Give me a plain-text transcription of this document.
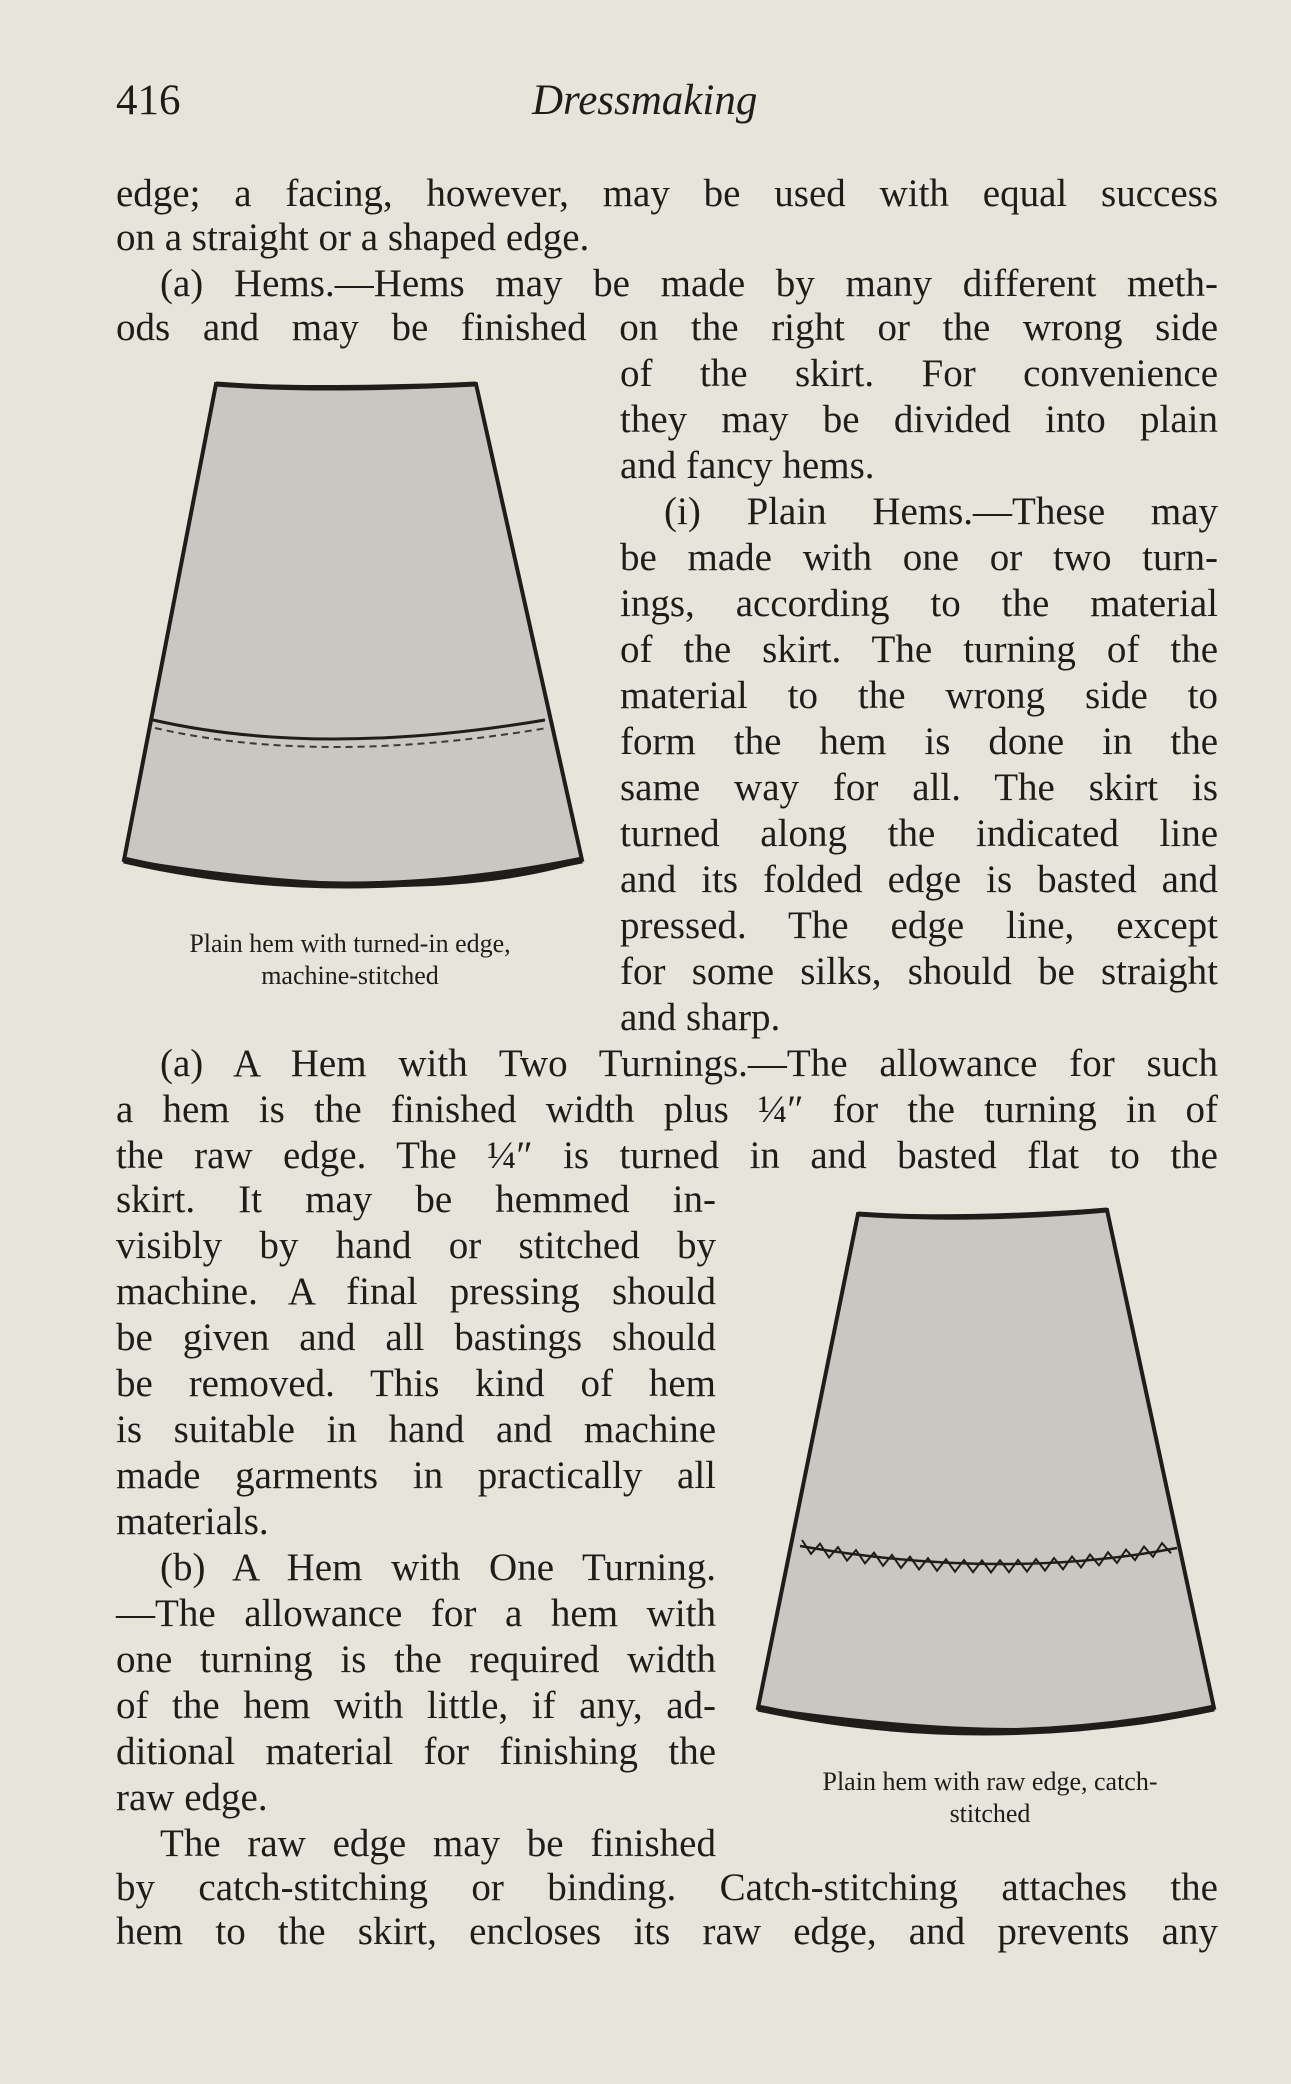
416	Dressmaking
edge; a facing, however, may be used with equal success
on a straight or a shaped edge.
(a) Hems.—Hems may be made by many different meth-
ods and may be finished on the right or the wrong side
of the skirt. For convenience
they may be divided into plain
and fancy hems.
(i) Plain Hems.—These may
be made with one or two turn-
ings, according to the material
of the skirt. The turning of the
material to the wrong side to
form the hem is done in the
same way for all. The skirt is
turned along the indicated line
and its folded edge is basted and
pressed. The edge line, except
for some silks, should be straight
and sharp.
(a) A Hem with Two Turnings.—The allowance for such
a hem is the finished width plus ¼″ for the turning in of
the raw edge. The ¼″ is turned in and basted flat to the
skirt. It may be hemmed in-
visibly by hand or stitched by
machine. A final pressing should
be given and all bastings should
be removed. This kind of hem
is suitable in hand and machine
made garments in practically all
materials.
(b) A Hem with One Turning.
—The allowance for a hem with
one turning is the required width
of the hem with little, if any, ad-
ditional material for finishing the
raw edge.
The raw edge may be finished
by catch-stitching or binding. Catch-stitching attaches the
hem to the skirt, encloses its raw edge, and prevents any
Plain hem with turned-in edge,
machine-stitched
Plain hem with raw edge, catch-
stitched
